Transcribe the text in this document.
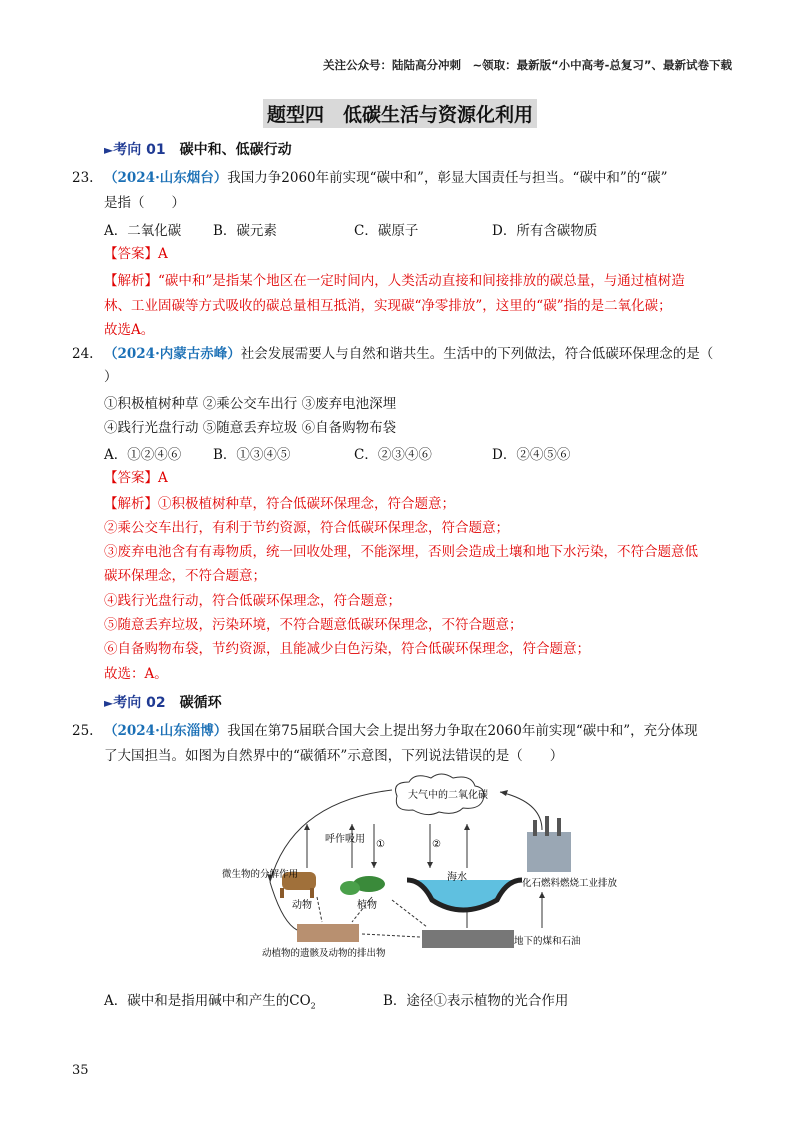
关注公众号：陆陆高分冲刺　~领取：最新版“小中高考-总复习”、最新试卷下载
题型四　低碳生活与资源化利用
►考向 01　 碳中和、低碳行动
23. （2024·山东烟台）我国力争2060年前实现“碳中和”，彰显大国责任与担当。“碳中和”的“碳”
是指（　　）
A．二氧化碳 B．碳元素	C．碳原子	D．所有含碳物质
【答案】A
【解析】“碳中和”是指某个地区在一定时间内，人类活动直接和间接排放的碳总量，与通过植树造
林、工业固碳等方式吸收的碳总量相互抵消，实现碳“净零排放”，这里的“碳”指的是二氧化碳；
故选A。
24. （2024·内蒙古赤峰）社会发展需要人与自然和谐共生。生活中的下列做法，符合低碳环保理念的是（
）
①积极植树种草 ②乘公交车出行 ③废弃电池深埋
④践行光盘行动 ⑤随意丢弃垃圾 ⑥自备购物布袋
A．①②④⑥ B．①③④⑤	C．②③④⑥	D．②④⑤⑥
【答案】A
【解析】①积极植树种草，符合低碳环保理念，符合题意；
②乘公交车出行，有利于节约资源，符合低碳环保理念，符合题意；
③废弃电池含有有毒物质，统一回收处理，不能深埋，否则会造成土壤和地下水污染，不符合题意低
碳环保理念，不符合题意；
④践行光盘行动，符合低碳环保理念，符合题意；
⑤随意丢弃垃圾，污染环境，不符合题意低碳环保理念，不符合题意；
⑥自备购物布袋，节约资源，且能减少白色污染，符合低碳环保理念，符合题意；
故选：A。
►考向 02　 碳循环
25. （2024·山东淄博）我国在第75届联合国大会上提出努力争取在2060年前实现“碳中和”，充分体现
了大国担当。如图为自然界中的“碳循环”示意图，下列说法错误的是（　　）
大气中的二氧化碳
呼作吸用 ①	②
动物
微生物的分解作用
植物
海水
化石燃料燃烧工业排放
动植物的遗骸及动物的排出物
地下的煤和石油
A．碳中和是指用碱中和产生的$CO_2$	B．途径①表示植物的光合作用
35
